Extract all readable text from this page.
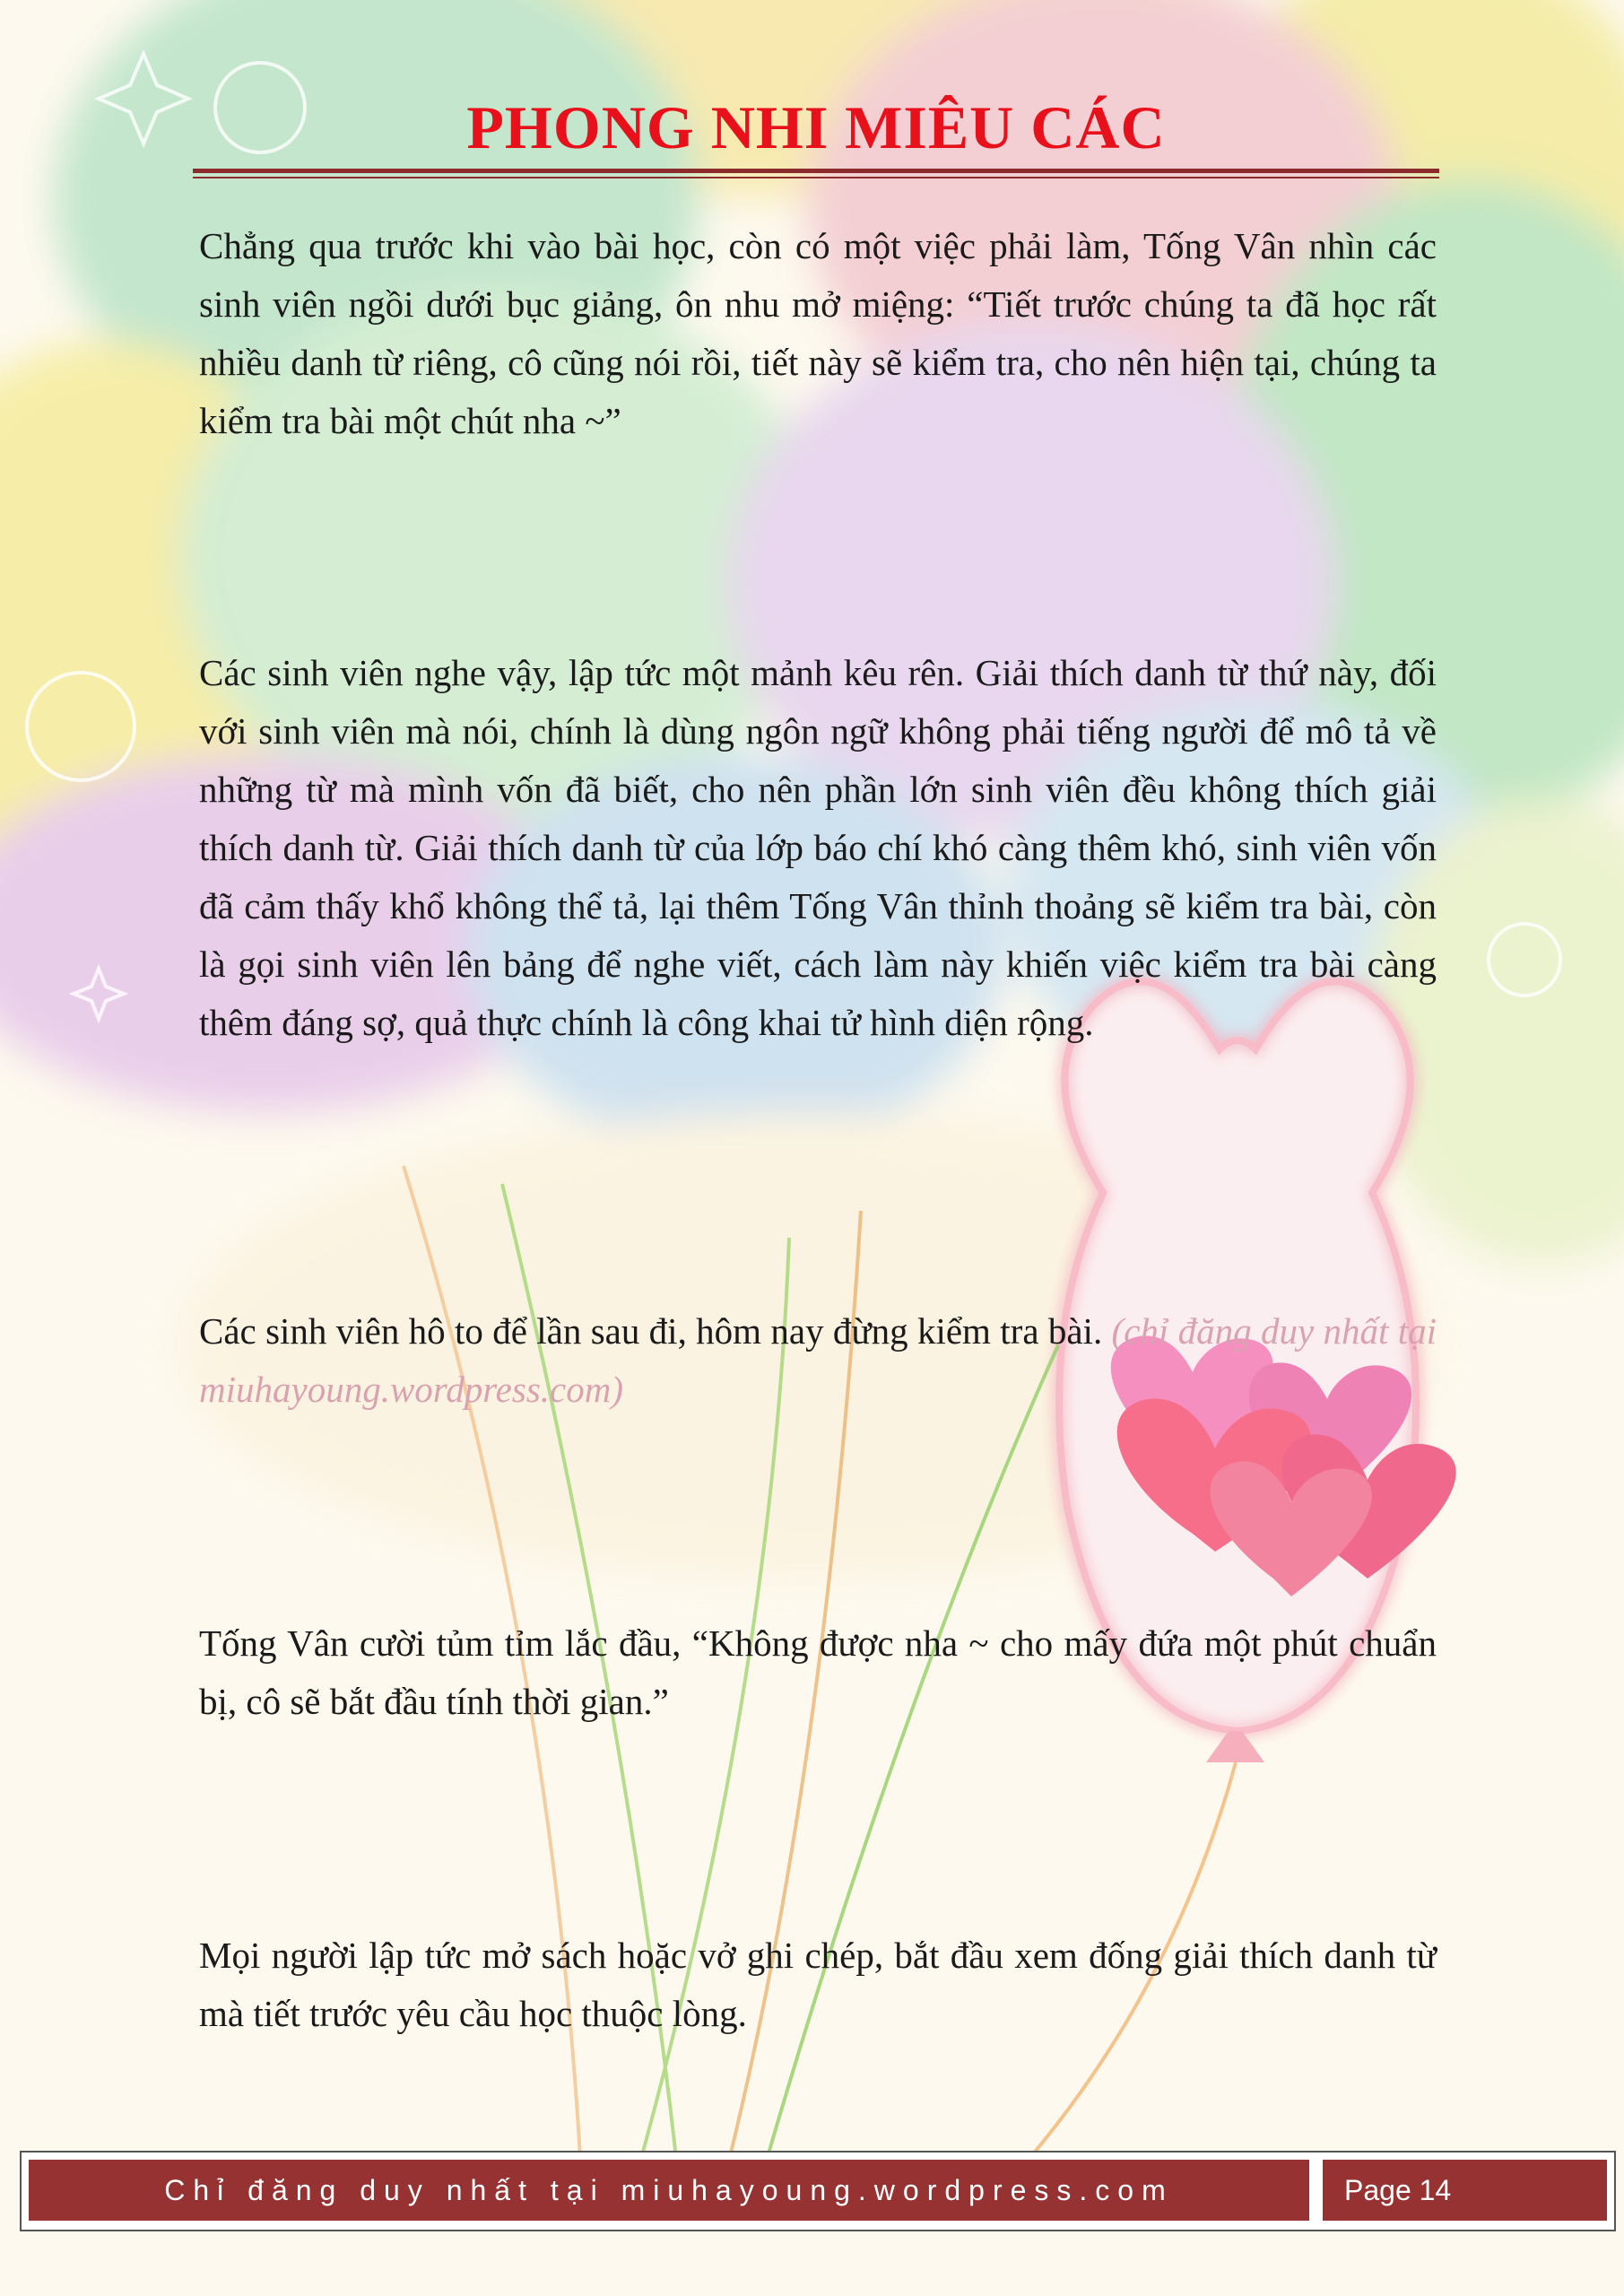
PHONG NHI MIÊU CÁC

Chẳng qua trước khi vào bài học, còn có một việc phải làm, Tống Vân nhìn các sinh viên ngồi dưới bục giảng, ôn nhu mở miệng: “Tiết trước chúng ta đã học rất nhiều danh từ riêng, cô cũng nói rồi, tiết này sẽ kiểm tra, cho nên hiện tại, chúng ta kiểm tra bài một chút nha ~”

Các sinh viên nghe vậy, lập tức một mảnh kêu rên. Giải thích danh từ thứ này, đối với sinh viên mà nói, chính là dùng ngôn ngữ không phải tiếng người để mô tả về những từ mà mình vốn đã biết, cho nên phần lớn sinh viên đều không thích giải thích danh từ. Giải thích danh từ của lớp báo chí khó càng thêm khó, sinh viên vốn đã cảm thấy khổ không thể tả, lại thêm Tống Vân thỉnh thoảng sẽ kiểm tra bài, còn là gọi sinh viên lên bảng để nghe viết, cách làm này khiến việc kiểm tra bài càng thêm đáng sợ, quả thực chính là công khai tử hình diện rộng.

Các sinh viên hô to để lần sau đi, hôm nay đừng kiểm tra bài. (chỉ đăng duy nhất tại miuhayoung.wordpress.com)

Tống Vân cười tủm tỉm lắc đầu, “Không được nha ~ cho mấy đứa một phút chuẩn bị, cô sẽ bắt đầu tính thời gian.”

Mọi người lập tức mở sách hoặc vở ghi chép, bắt đầu xem đống giải thích danh từ mà tiết trước yêu cầu học thuộc lòng.

Chỉ đăng duy nhất tại miuhayoung.wordpress.com	Page 14
